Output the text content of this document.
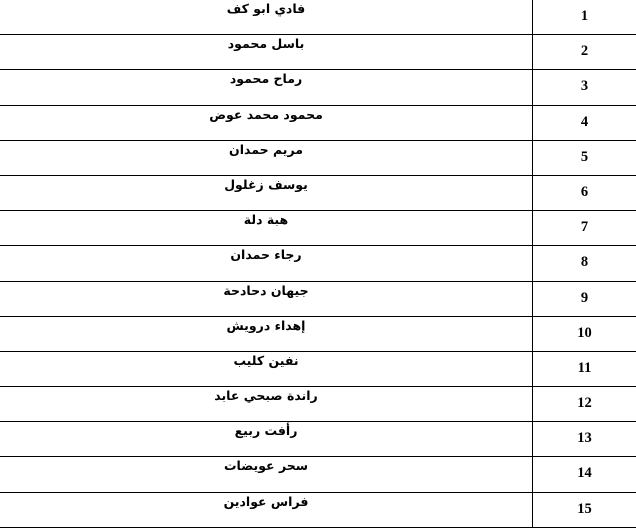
فادي ابو كف	1
باسل محمود	2
رماح محمود	3
محمود محمد عوض	4
مريم حمدان	5
يوسف زغلول	6
هبة دلة	7
رجاء حمدان	8
جيهان دحادحة	9
إهداء درويش	10
نفين كليب	11
راندة صبحي عابد	12
رأفت ربيع	13
سحر عويضات	14
فراس عوادين	15
